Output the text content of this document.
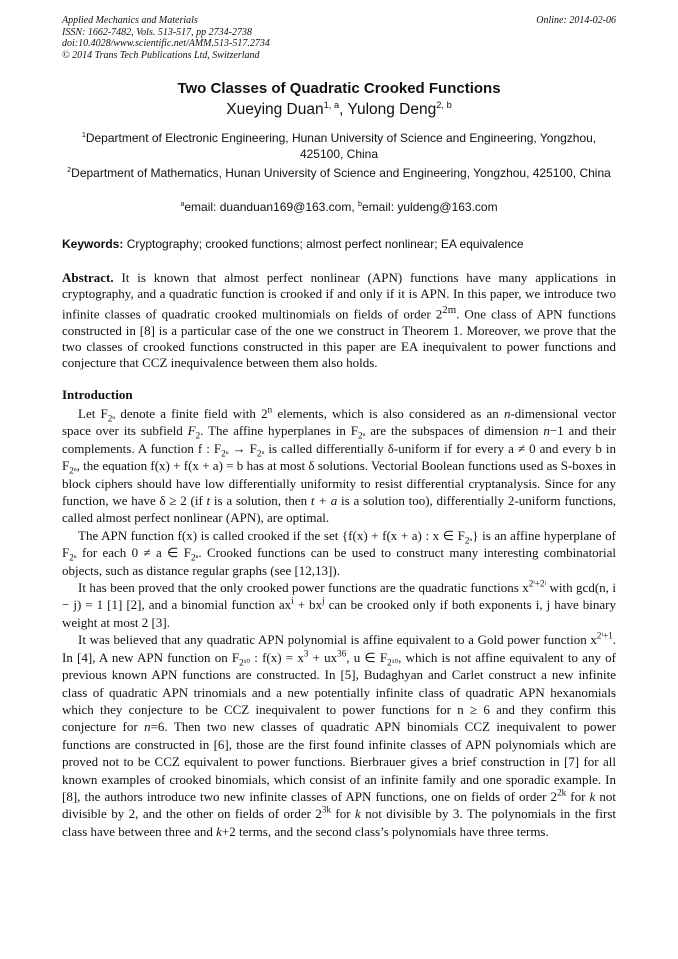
Applied Mechanics and Materials
ISSN: 1662-7482, Vols. 513-517, pp 2734-2738
doi:10.4028/www.scientific.net/AMM.513-517.2734
© 2014 Trans Tech Publications Ltd, Switzerland
Online: 2014-02-06
Two Classes of Quadratic Crooked Functions
Xueying Duan$^{1, a}$, Yulong Deng$^{2, b}$
$^1$Department of Electronic Engineering, Hunan University of Science and Engineering, Yongzhou, 425100, China
$^2$Department of Mathematics, Hunan University of Science and Engineering, Yongzhou, 425100, China
$^a$email: duanduan169@163.com, $^b$email: yuldeng@163.com
Keywords: Cryptography; crooked functions; almost perfect nonlinear; EA equivalence
Abstract. It is known that almost perfect nonlinear (APN) functions have many applications in cryptography, and a quadratic function is crooked if and only if it is APN. In this paper, we introduce two infinite classes of quadratic crooked multinomials on fields of order $2^{2m}$. One class of APN functions constructed in [8] is a particular case of the one we construct in Theorem 1. Moreover, we prove that the two classes of crooked functions constructed in this paper are EA inequivalent to power functions and conjecture that CCZ inequivalence between them also holds.
Introduction

Let $F_{2^n}$ denote a finite field with 2$^n$ elements, which is also considered as an n-dimensional vector space over its subfield $F_2$. The affine hyperplanes in $F_{2^n}$ are the subspaces of dimension n−1 and their complements. A function f : $F_{2^n} \to F_{2^n}$ is called differentially δ-uniform if for every a ≠ 0 and every b in $F_{2^n}$, the equation f(x) + f(x + a) = b has at most δ solutions. Vectorial Boolean functions used as S-boxes in block ciphers should have low differentially uniformity to resist differential cryptanalysis. Since for any function, we have δ ≥ 2 (if t is a solution, then t + a is a solution too), differentially 2-uniform functions, called almost perfect nonlinear (APN), are optimal.

The APN function f(x) is called crooked if the set {f(x) + f(x + a) : x ∈ $F_{2^n}$} is an affine hyperplane of $F_{2^n}$ for each 0 ≠ a ∈ $F_{2^n}$. Crooked functions can be used to construct many interesting combinatorial objects, such as distance regular graphs (see [12,13]).

It has been proved that the only crooked power functions are the quadratic functions $x^{2^i+2ʲ}$ with gcd(n, i − j) = 1 [1] [2], and a binomial function $ax^i + bx^j$ can be crooked only if both exponents i, j have binary weight at most 2 [3].

It was believed that any quadratic APN polynomial is affine equivalent to a Gold power function $x^{2^i+1}$. In [4], A new APN function on $F_{2^{10}}$ : $f(x) = x^3 + ux^{36}$, u ∈ $F_{2^{10}}$, which is not affine equivalent to any of previous known APN functions are constructed. In [5], Budaghyan and Carlet construct a new infinite class of quadratic APN trinomials and a new potentially infinite class of quadratic APN hexanomials which they conjecture to be CCZ inequivalent to power functions for n ≥ 6 and they confirm this conjecture for n=6. Then two new classes of quadratic APN binomials CCZ inequivalent to power functions are constructed in [6], those are the first found infinite classes of APN polynomials which are proved not to be CCZ equivalent to power functions. Bierbrauer gives a brief construction in [7] for all known examples of crooked binomials, which consist of an infinite family and one sporadic example. In [8], the authors introduce two new infinite classes of APN functions, one on fields of order $2^{2k}$ for k not divisible by 2, and the other on fields of order $2^{3k}$ for k not divisible by 3. The polynomials in the first class have between three and k+2 terms, and the second class’s polynomials have three terms.
